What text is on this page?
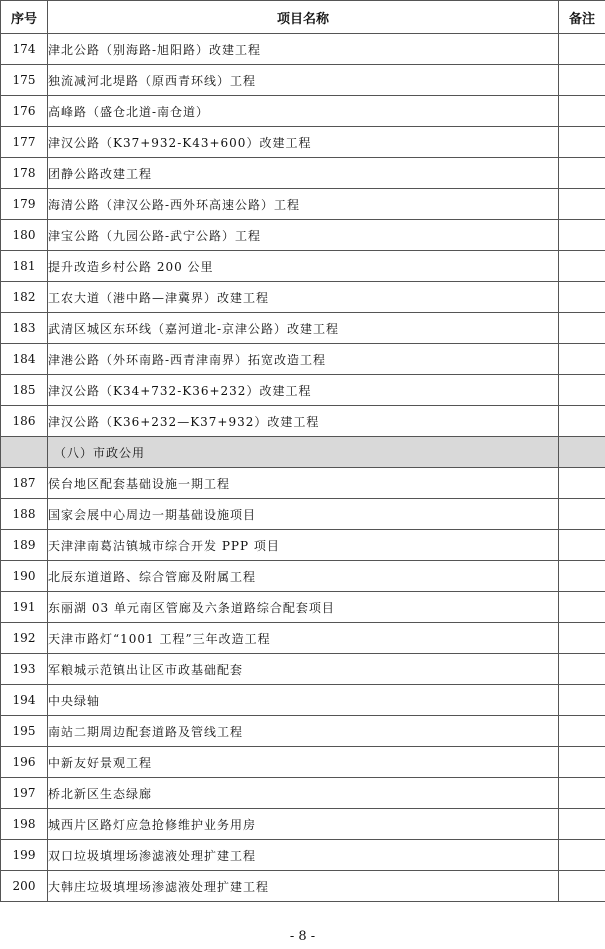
序号	项目名称	备注
174	津北公路（别海路-旭阳路）改建工程	
175	独流减河北堤路（原西青环线）工程	
176	高峰路（盛仓北道-南仓道）	
177	津汉公路（K37+932-K43+600）改建工程	
178	团静公路改建工程	
179	海清公路（津汉公路-西外环高速公路）工程	
180	津宝公路（九园公路-武宁公路）工程	
181	提升改造乡村公路 200 公里	
182	工农大道（港中路—津冀界）改建工程	
183	武清区城区东环线（嘉河道北-京津公路）改建工程	
184	津港公路（外环南路-西青津南界）拓宽改造工程	
185	津汉公路（K34+732-K36+232）改建工程	
186	津汉公路（K36+232—K37+932）改建工程	
	（八）市政公用	
187	侯台地区配套基础设施一期工程	
188	国家会展中心周边一期基础设施项目	
189	天津津南葛沽镇城市综合开发 PPP 项目	
190	北辰东道道路、综合管廊及附属工程	
191	东丽湖 03 单元南区管廊及六条道路综合配套项目	
192	天津市路灯“1001 工程”三年改造工程	
193	军粮城示范镇出让区市政基础配套	
194	中央绿轴	
195	南站二期周边配套道路及管线工程	
196	中新友好景观工程	
197	桥北新区生态绿廊	
198	城西片区路灯应急抢修维护业务用房	
199	双口垃圾填埋场渗滤液处理扩建工程	
200	大韩庄垃圾填埋场渗滤液处理扩建工程	
- 8 -
